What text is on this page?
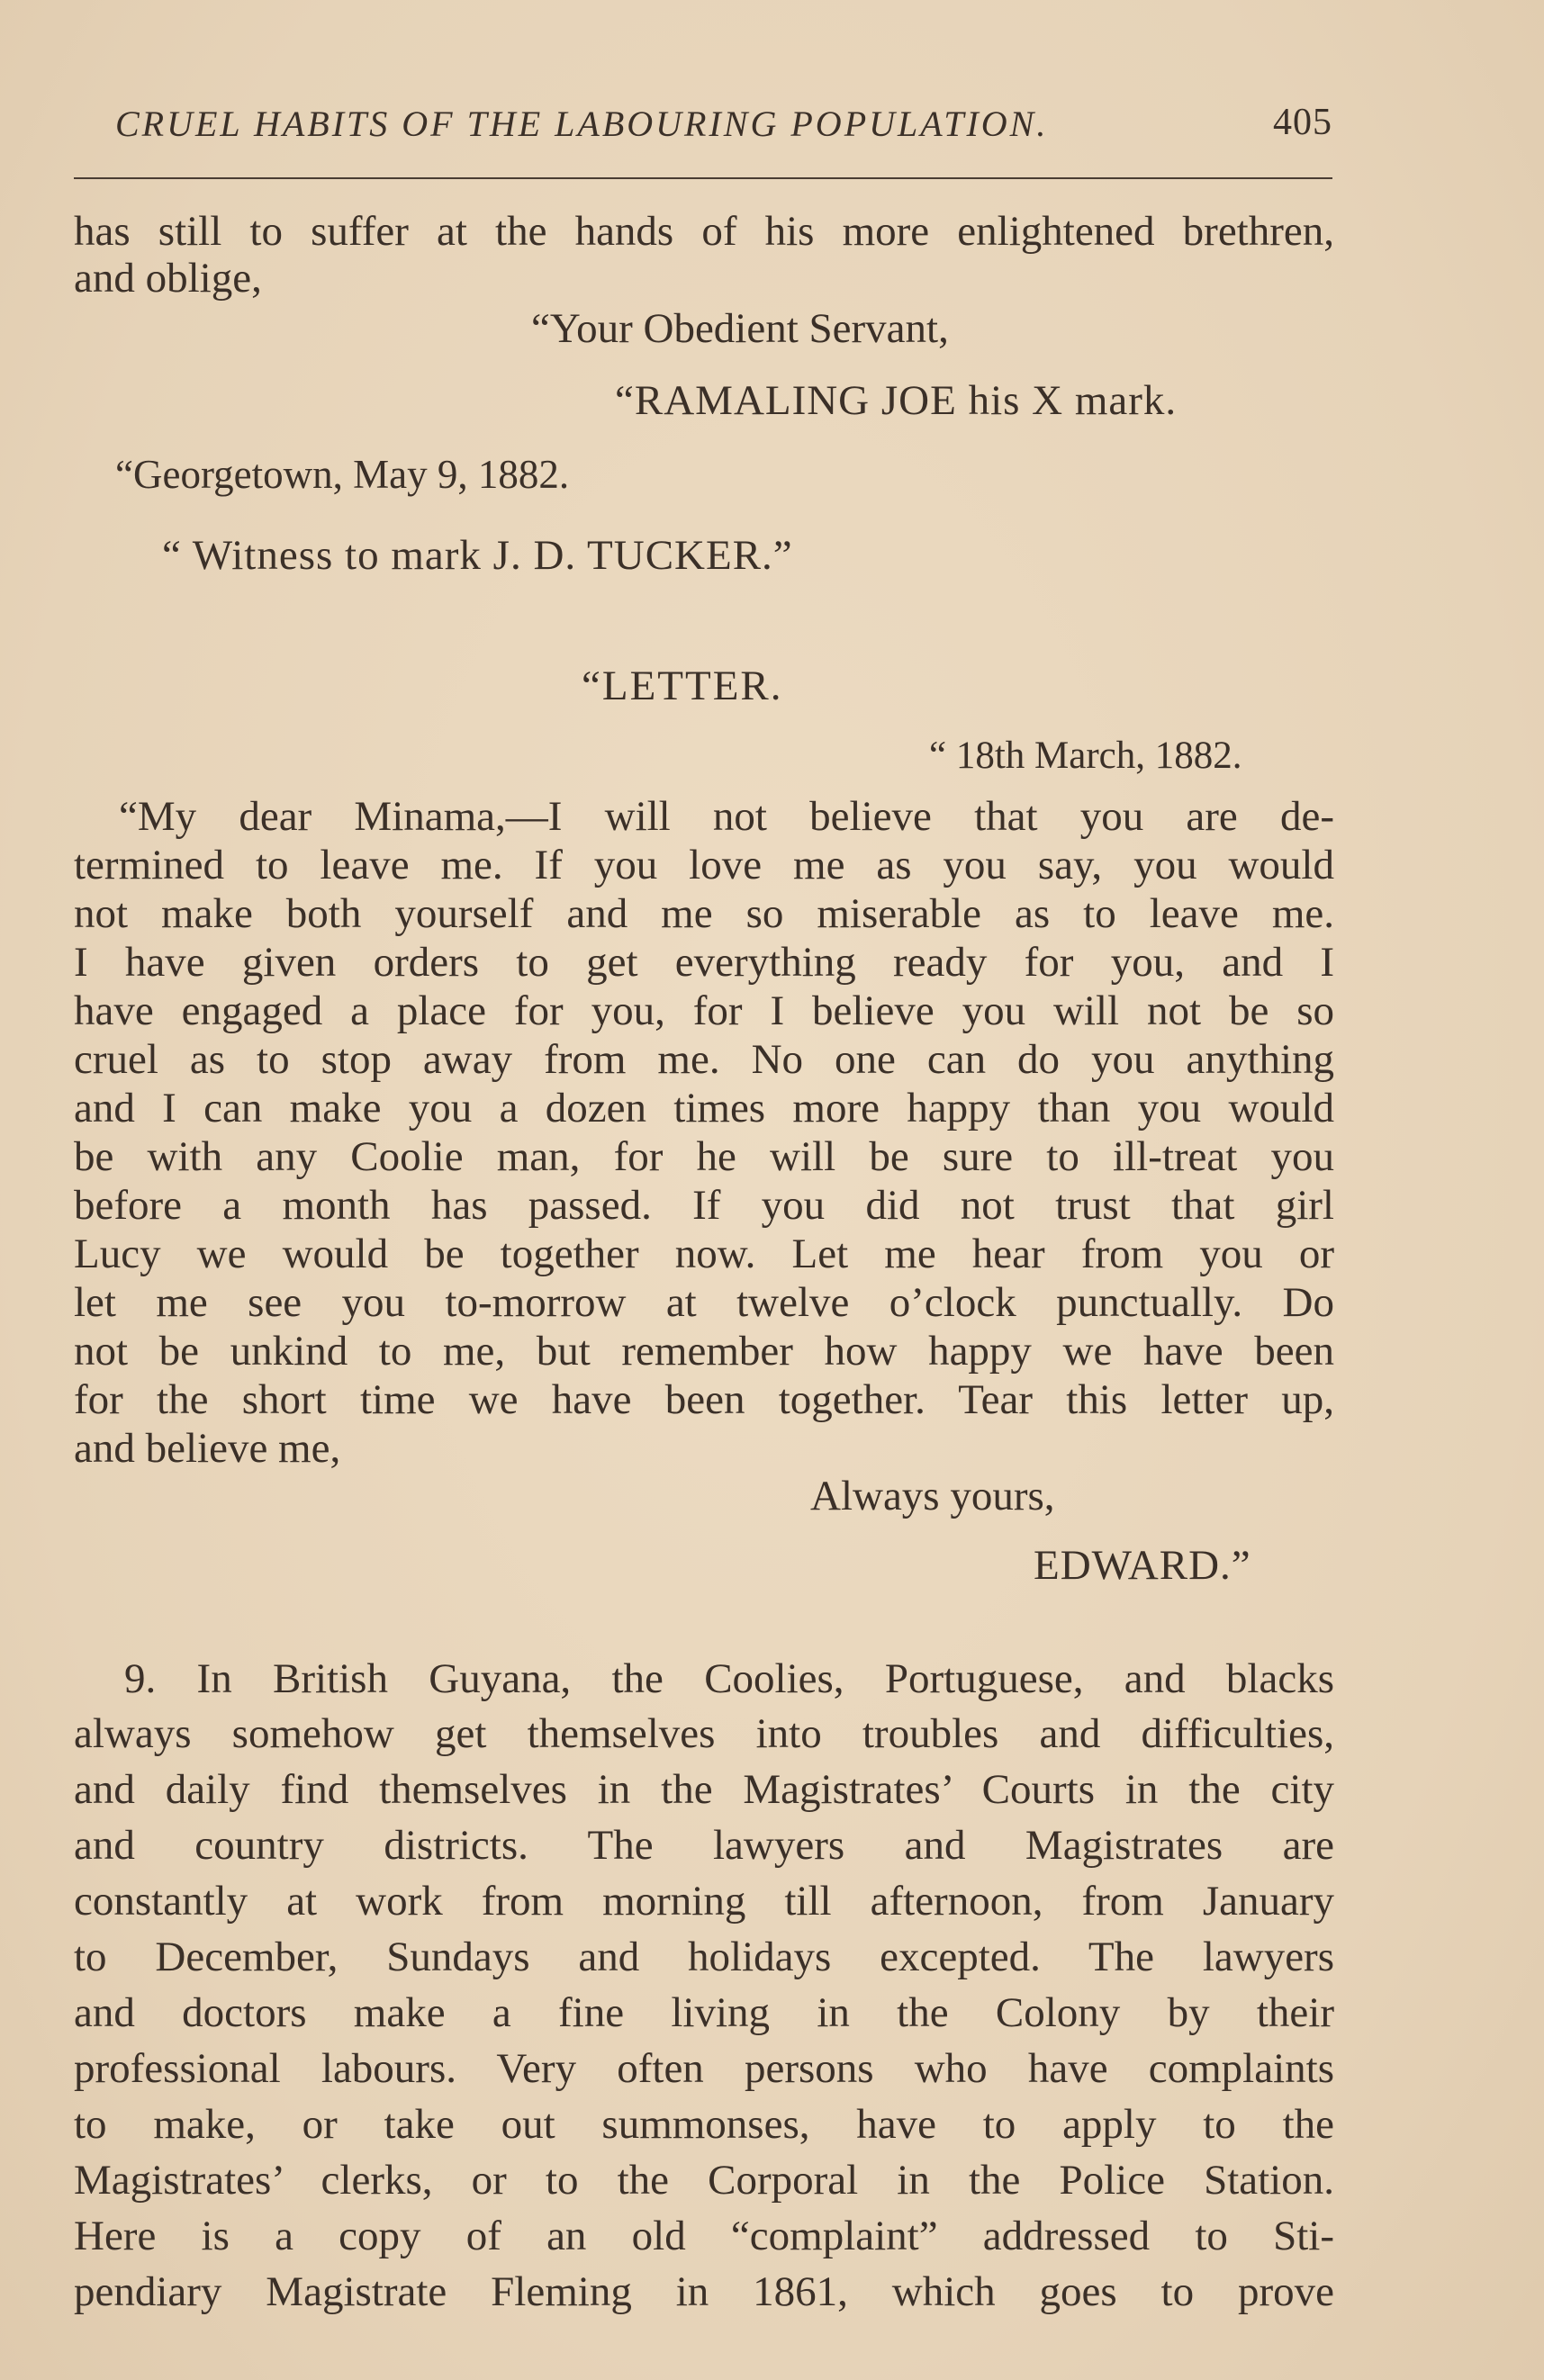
CRUEL HABITS OF THE LABOURING POPULATION.	405
has still to suffer at the hands of his more enlightened brethren,
and oblige,
“Your Obedient Servant,
“RAMALING JOE his X mark.
“Georgetown, May 9, 1882.
“ Witness to mark J. D. TUCKER.”
“LETTER.
“ 18th March, 1882.
“My dear Minama,—I will not believe that you are de-
termined to leave me. If you love me as you say, you would
not make both yourself and me so miserable as to leave me.
I have given orders to get everything ready for you, and I
have engaged a place for you, for I believe you will not be so
cruel as to stop away from me. No one can do you anything
and I can make you a dozen times more happy than you would
be with any Coolie man, for he will be sure to ill-treat you
before a month has passed. If you did not trust that girl
Lucy we would be together now. Let me hear from you or
let me see you to-morrow at twelve o’clock punctually. Do
not be unkind to me, but remember how happy we have been
for the short time we have been together. Tear this letter up,
and believe me,
Always yours,
EDWARD.”
9. In British Guyana, the Coolies, Portuguese, and blacks
always somehow get themselves into troubles and difficulties,
and daily find themselves in the Magistrates’ Courts in the city
and country districts. The lawyers and Magistrates are
constantly at work from morning till afternoon, from January
to December, Sundays and holidays excepted. The lawyers
and doctors make a fine living in the Colony by their
professional labours. Very often persons who have complaints
to make, or take out summonses, have to apply to the
Magistrates’ clerks, or to the Corporal in the Police Station.
Here is a copy of an old “complaint” addressed to Sti-
pendiary Magistrate Fleming in 1861, which goes to prove
